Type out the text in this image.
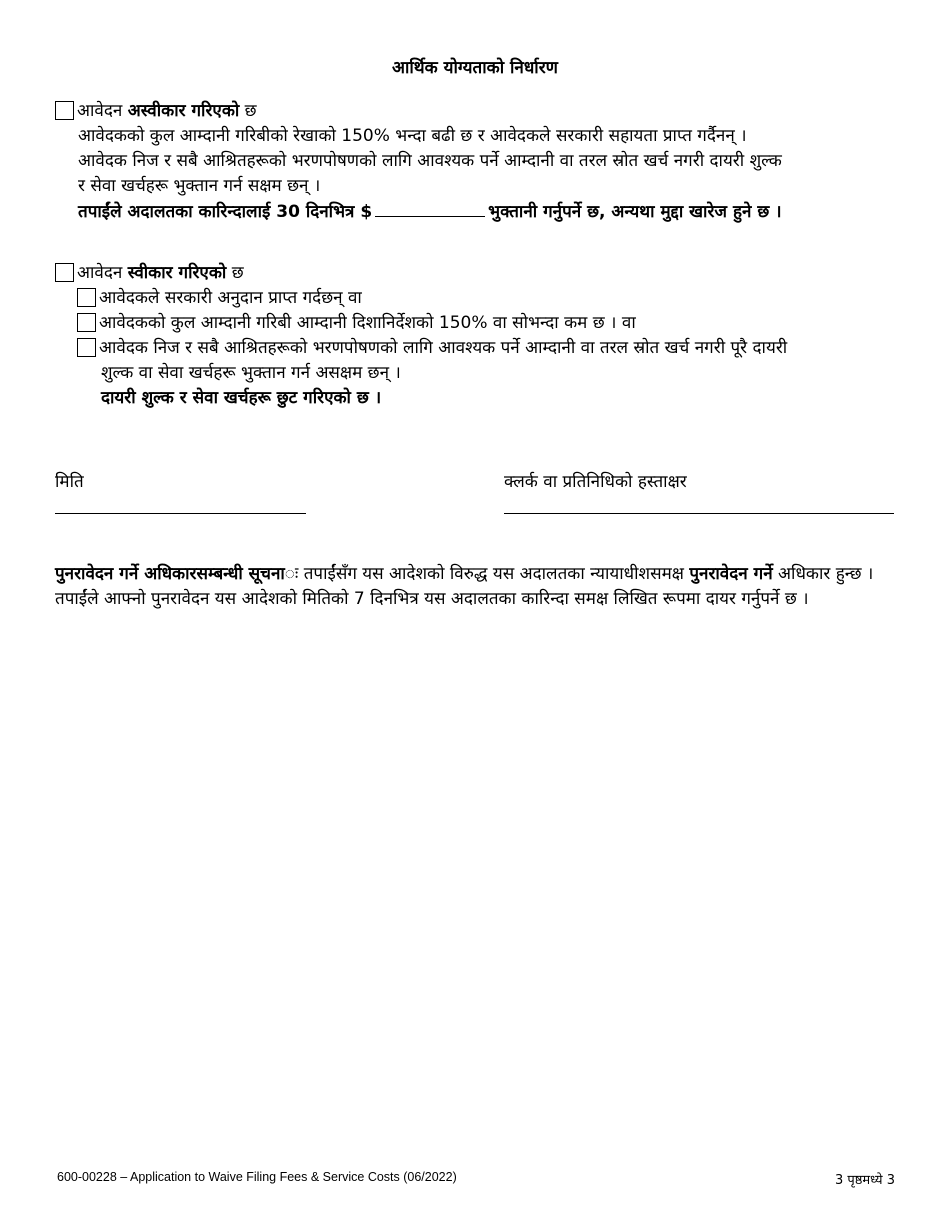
आर्थिक योग्यताको निर्धारण
आवेदन अस्वीकार गरिएको छ
आवेदकको कुल आम्दानी गरिबीको रेखाको 150% भन्दा बढी छ र आवेदकले सरकारी सहायता प्राप्त गर्दैनन् ।
आवेदक निज र सबै आश्रितहरूको भरणपोषणको लागि आवश्यक पर्ने आम्दानी वा तरल स्रोत खर्च नगरी दायरी शुल्क
र सेवा खर्चहरू भुक्तान गर्न सक्षम छन् ।
तपाईंले अदालतका कारिन्दालाई 30 दिनभित्र $	भुक्तानी गर्नुपर्ने छ, अन्यथा मुद्दा खारेज हुने छ ।
आवेदन स्वीकार गरिएको छ
आवेदकले सरकारी अनुदान प्राप्त गर्दछन् वा
आवेदकको कुल आम्दानी गरिबी आम्दानी दिशानिर्देशको 150% वा सोभन्दा कम छ । वा
आवेदक निज र सबै आश्रितहरूको भरणपोषणको लागि आवश्यक पर्ने आम्दानी वा तरल स्रोत खर्च नगरी पूरै दायरी
शुल्क वा सेवा खर्चहरू भुक्तान गर्न असक्षम छन् ।
दायरी शुल्क र सेवा खर्चहरू छुट गरिएको छ ।
मिति	क्लर्क वा प्रतिनिधिको हस्ताक्षर
पुनरावेदन गर्ने अधिकारसम्बन्धी सूचनाः तपाईंसँग यस आदेशको विरुद्ध यस अदालतका न्यायाधीशसमक्ष पुनरावेदन गर्ने अधिकार हुन्छ । तपाईंले आफ्नो पुनरावेदन यस आदेशको मितिको 7 दिनभित्र यस अदालतका कारिन्दा समक्ष लिखित रूपमा दायर गर्नुपर्ने छ ।
600-00228 – Application to Waive Filing Fees & Service Costs (06/2022)	3 पृष्ठमध्ये 3
